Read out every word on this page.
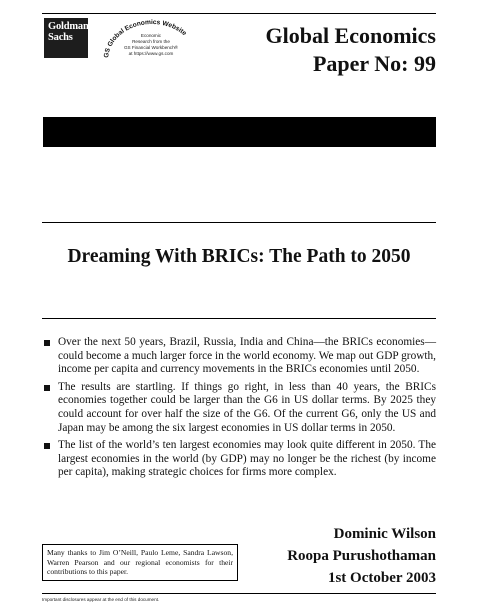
Goldman
Sachs
GS Global Economics Website
Economic
Research from the
GS Financial Workbench®
at https://www.gs.com
Global Economics
Paper No: 99
Dreaming With BRICs: The Path to 2050
Over the next 50 years, Brazil, Russia, India and China—the BRICs economies—could become a much larger force in the world economy. We map out GDP growth, income per capita and currency movements in the BRICs economies until 2050.
The results are startling. If things go right, in less than 40 years, the BRICs economies together could be larger than the G6 in US dollar terms. By 2025 they could account for over half the size of the G6. Of the current G6, only the US and Japan may be among the six largest economies in US dollar terms in 2050.
The list of the world’s ten largest economies may look quite different in 2050. The largest economies in the world (by GDP) may no longer be the richest (by income per capita), making strategic choices for firms more complex.
Dominic Wilson
Roopa Purushothaman
1st October 2003
Many thanks to Jim O’Neill, Paulo Leme, Sandra Lawson, Warren Pearson and our regional economists for their contributions to this paper.
Important disclosures appear at the end of this document.
